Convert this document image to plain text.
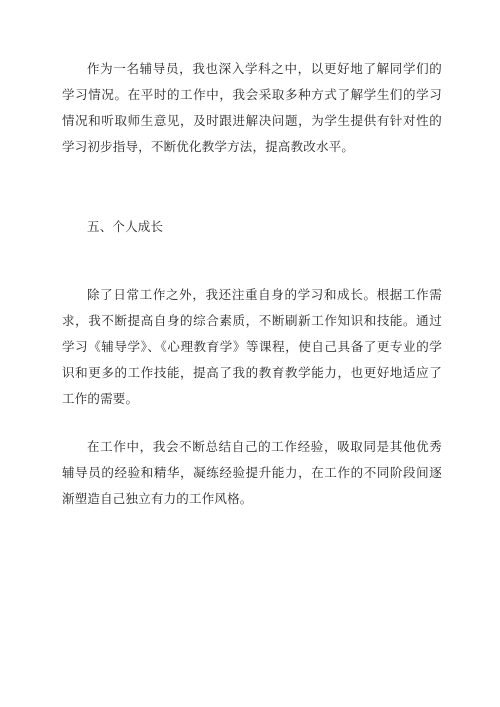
作为一名辅导员，我也深入学科之中，以更好地了解同学们的学习情况。在平时的工作中，我会采取多种方式了解学生们的学习情况和听取师生意见，及时跟进解决问题，为学生提供有针对性的学习初步指导，不断优化教学方法，提高教改水平。

五、个人成长

除了日常工作之外，我还注重自身的学习和成长。根据工作需求，我不断提高自身的综合素质，不断刷新工作知识和技能。通过学习《辅导学》、《心理教育学》等课程，使自己具备了更专业的学识和更多的工作技能，提高了我的教育教学能力，也更好地适应了工作的需要。

在工作中，我会不断总结自己的工作经验，吸取同是其他优秀辅导员的经验和精华，凝练经验提升能力，在工作的不同阶段间逐渐塑造自己独立有力的工作风格。
